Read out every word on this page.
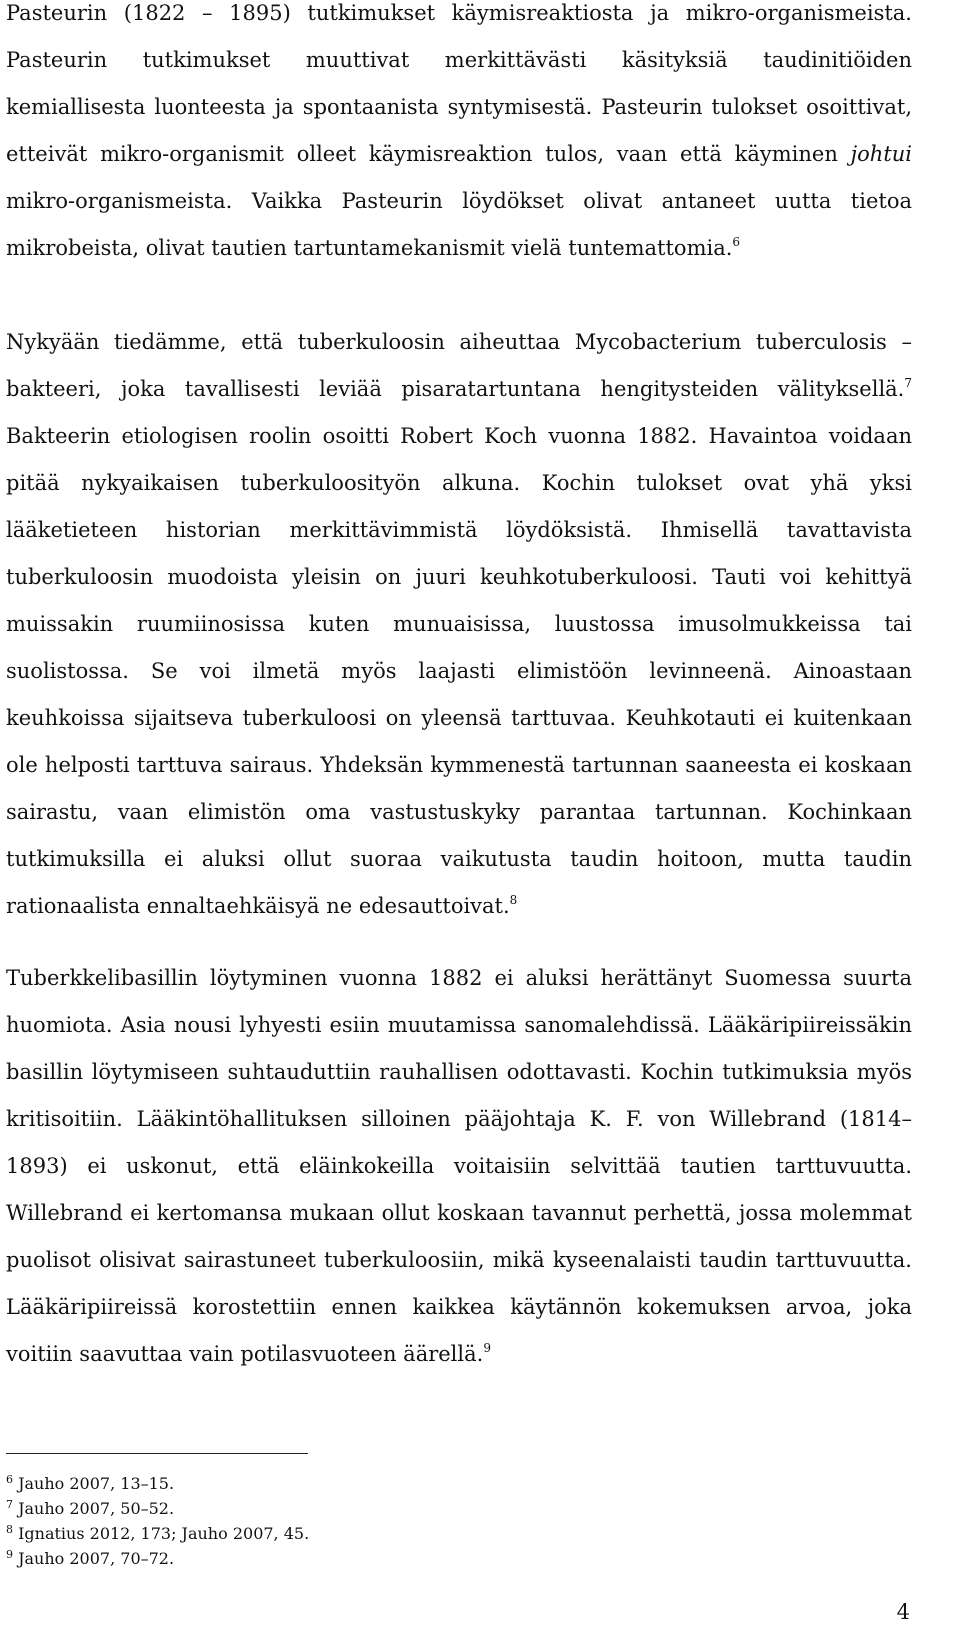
Pasteurin (1822 – 1895) tutkimukset käymisreaktiosta ja mikro-organismeista. Pasteurin tutkimukset muuttivat merkittävästi käsityksiä taudinitiöiden kemiallisesta luonteesta ja spontaanista syntymisestä. Pasteurin tulokset osoittivat, etteivät mikro-organismit olleet käymisreaktion tulos, vaan että käyminen johtui mikro-organismeista. Vaikka Pasteurin löydökset olivat antaneet uutta tietoa mikrobeista, olivat tautien tartuntamekanismit vielä tuntemattomia.$^6$

Nykyään tiedämme, että tuberkuloosin aiheuttaa Mycobacterium tuberculosis – bakteeri, joka tavallisesti leviää pisaratartuntana hengitysteiden välityksellä.$^7$ Bakteerin etiologisen roolin osoitti Robert Koch vuonna 1882. Havaintoa voidaan pitää nykyaikaisen tuberkuloosityön alkuna. Kochin tulokset ovat yhä yksi lääketieteen historian merkittävimmistä löydöksistä. Ihmisellä tavattavista tuberkuloosin muodoista yleisin on juuri keuhkotuberkuloosi. Tauti voi kehittyä muissakin ruumiinosissa kuten munuaisissa, luustossa imusolmukkeissa tai suolistossa. Se voi ilmetä myös laajasti elimistöön levinneenä. Ainoastaan keuhkoissa sijaitseva tuberkuloosi on yleensä tarttuvaa. Keuhkotauti ei kuitenkaan ole helposti tarttuva sairaus. Yhdeksän kymmenestä tartunnan saaneesta ei koskaan sairastu, vaan elimistön oma vastustuskyky parantaa tartunnan. Kochinkaan tutkimuksilla ei aluksi ollut suoraa vaikutusta taudin hoitoon, mutta taudin rationaalista ennaltaehkäisyä ne edesauttoivat.$^8$

Tuberkkelibasillin löytyminen vuonna 1882 ei aluksi herättänyt Suomessa suurta huomiota. Asia nousi lyhyesti esiin muutamissa sanomalehdissä. Lääkäripiireissäkin basillin löytymiseen suhtauduttiin rauhallisen odottavasti. Kochin tutkimuksia myös kritisoitiin. Lääkintöhallituksen silloinen pääjohtaja K. F. von Willebrand (1814–1893) ei uskonut, että eläinkokeilla voitaisiin selvittää tautien tarttuvuutta. Willebrand ei kertomansa mukaan ollut koskaan tavannut perhettä, jossa molemmat puolisot olisivat sairastuneet tuberkuloosiin, mikä kyseenalaisti taudin tarttuvuutta. Lääkäripiireissä korostettiin ennen kaikkea käytännön kokemuksen arvoa, joka voitiin saavuttaa vain potilasvuoteen äärellä.$^9$

$^6$ Jauho 2007, 13–15.
$^7$ Jauho 2007, 50–52.
$^8$ Ignatius 2012, 173; Jauho 2007, 45.
$^9$ Jauho 2007, 70–72.
4
